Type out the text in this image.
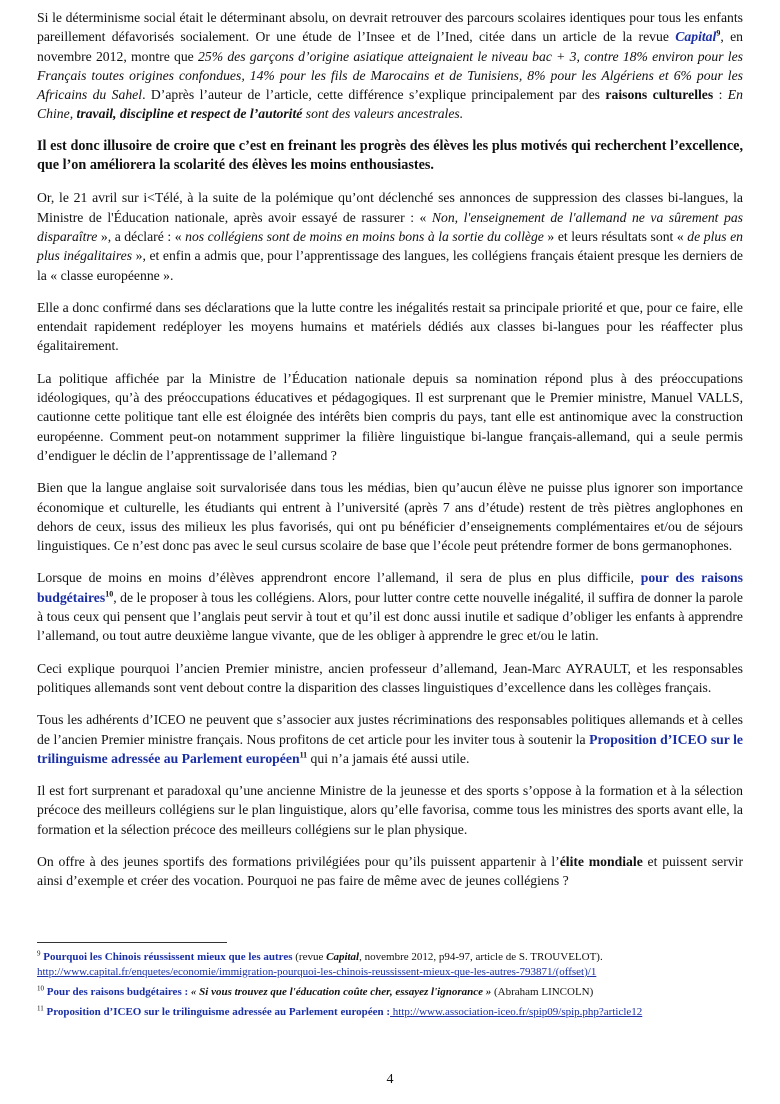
Si le déterminisme social était le déterminant absolu, on devrait retrouver des parcours scolaires identiques pour tous les enfants pareillement défavorisés socialement. Or une étude de l’Insee et de l’Ined, citée dans un article de la revue Capital$^9$, en novembre 2012, montre que 25% des garçons d’origine asiatique atteignaient le niveau bac + 3, contre 18% environ pour les Français toutes origines confondues, 14% pour les fils de Marocains et de Tunisiens, 8% pour les Algériens et 6% pour les Africains du Sahel. D’après l’auteur de l’article, cette différence s’explique principalement par des raisons culturelles : En Chine, travail, discipline et respect de l’autorité sont des valeurs ancestrales.

Il est donc illusoire de croire que c’est en freinant les progrès des élèves les plus motivés qui recherchent l’excellence, que l’on améliorera la scolarité des élèves les moins enthousiastes.

Or, le 21 avril sur i<Télé, à la suite de la polémique qu’ont déclenché ses annonces de suppression des classes bi-langues, la Ministre de l'Éducation nationale, après avoir essayé de rassurer : « Non, l'enseignement de l'allemand ne va sûrement pas disparaître », a déclaré : « nos collégiens sont de moins en moins bons à la sortie du collège » et leurs résultats sont « de plus en plus inégalitaires », et enfin a admis que, pour l’apprentissage des langues, les collégiens français étaient presque les derniers de la « classe européenne ».

Elle a donc confirmé dans ses déclarations que la lutte contre les inégalités restait sa principale priorité et que, pour ce faire, elle entendait rapidement redéployer les moyens humains et matériels dédiés aux classes bi-langues pour les réaffecter plus égalitairement.

La politique affichée par la Ministre de l’Éducation nationale depuis sa nomination répond plus à des préoccupations idéologiques, qu’à des préoccupations éducatives et pédagogiques. Il est surprenant que le Premier ministre, Manuel VALLS, cautionne cette politique tant elle est éloignée des intérêts bien compris du pays, tant elle est antinomique avec la construction européenne. Comment peut-on notamment supprimer la filière linguistique bi-langue français-allemand, qui a seule permis d’endiguer le déclin de l’apprentissage de l’allemand ?

Bien que la langue anglaise soit survalorisée dans tous les médias, bien qu’aucun élève ne puisse plus ignorer son importance économique et culturelle, les étudiants qui entrent à l’université (après 7 ans d’étude) restent de très piètres anglophones en dehors de ceux, issus des milieux les plus favorisés, qui ont pu bénéficier d’enseignements complémentaires et/ou de séjours linguistiques. Ce n’est donc pas avec le seul cursus scolaire de base que l’école peut prétendre former de bons germanophones.

Lorsque de moins en moins d’élèves apprendront encore l’allemand, il sera de plus en plus difficile, pour des raisons budgétaires$^{10}$, de le proposer à tous les collégiens. Alors, pour lutter contre cette nouvelle inégalité, il suffira de donner la parole à tous ceux qui pensent que l’anglais peut servir à tout et qu’il est donc aussi inutile et sadique d’obliger les enfants à apprendre l’allemand, ou tout autre deuxième langue vivante, que de les obliger à apprendre le grec et/ou le latin.

Ceci explique pourquoi l’ancien Premier ministre, ancien professeur d’allemand, Jean-Marc AYRAULT, et les responsables politiques allemands sont vent debout contre la disparition des classes linguistiques d’excellence dans les collèges français.

Tous les adhérents d’ICEO ne peuvent que s’associer aux justes récriminations des responsables politiques allemands et à celles de l’ancien Premier ministre français. Nous profitons de cet article pour les inviter tous à soutenir la Proposition d’ICEO sur le trilinguisme adressée au Parlement européen$^{11}$ qui n’a jamais été aussi utile.

Il est fort surprenant et paradoxal qu’une ancienne Ministre de la jeunesse et des sports s’oppose à la formation et à la sélection précoce des meilleurs collégiens sur le plan linguistique, alors qu’elle favorisa, comme tous les ministres des sports avant elle, la formation et la sélection précoce des meilleurs collégiens sur le plan physique.

On offre à des jeunes sportifs des formations privilégiées pour qu’ils puissent appartenir à l’élite mondiale et puissent servir ainsi d’exemple et créer des vocation. Pourquoi ne pas faire de même avec de jeunes collégiens ?

$^9$ Pourquoi les Chinois réussissent mieux que les autres (revue Capital, novembre 2012, p94-97, article de S. TROUVELOT).
http://www.capital.fr/enquetes/economie/immigration-pourquoi-les-chinois-reussissent-mieux-que-les-autres-793871/(offset)/1
$^{10}$ Pour des raisons budgétaires : « Si vous trouvez que l'éducation coûte cher, essayez l'ignorance » (Abraham LINCOLN)
$^{11}$ Proposition d’ICEO sur le trilinguisme adressée au Parlement européen : http://www.association-iceo.fr/spip09/spip.php?article12
4
